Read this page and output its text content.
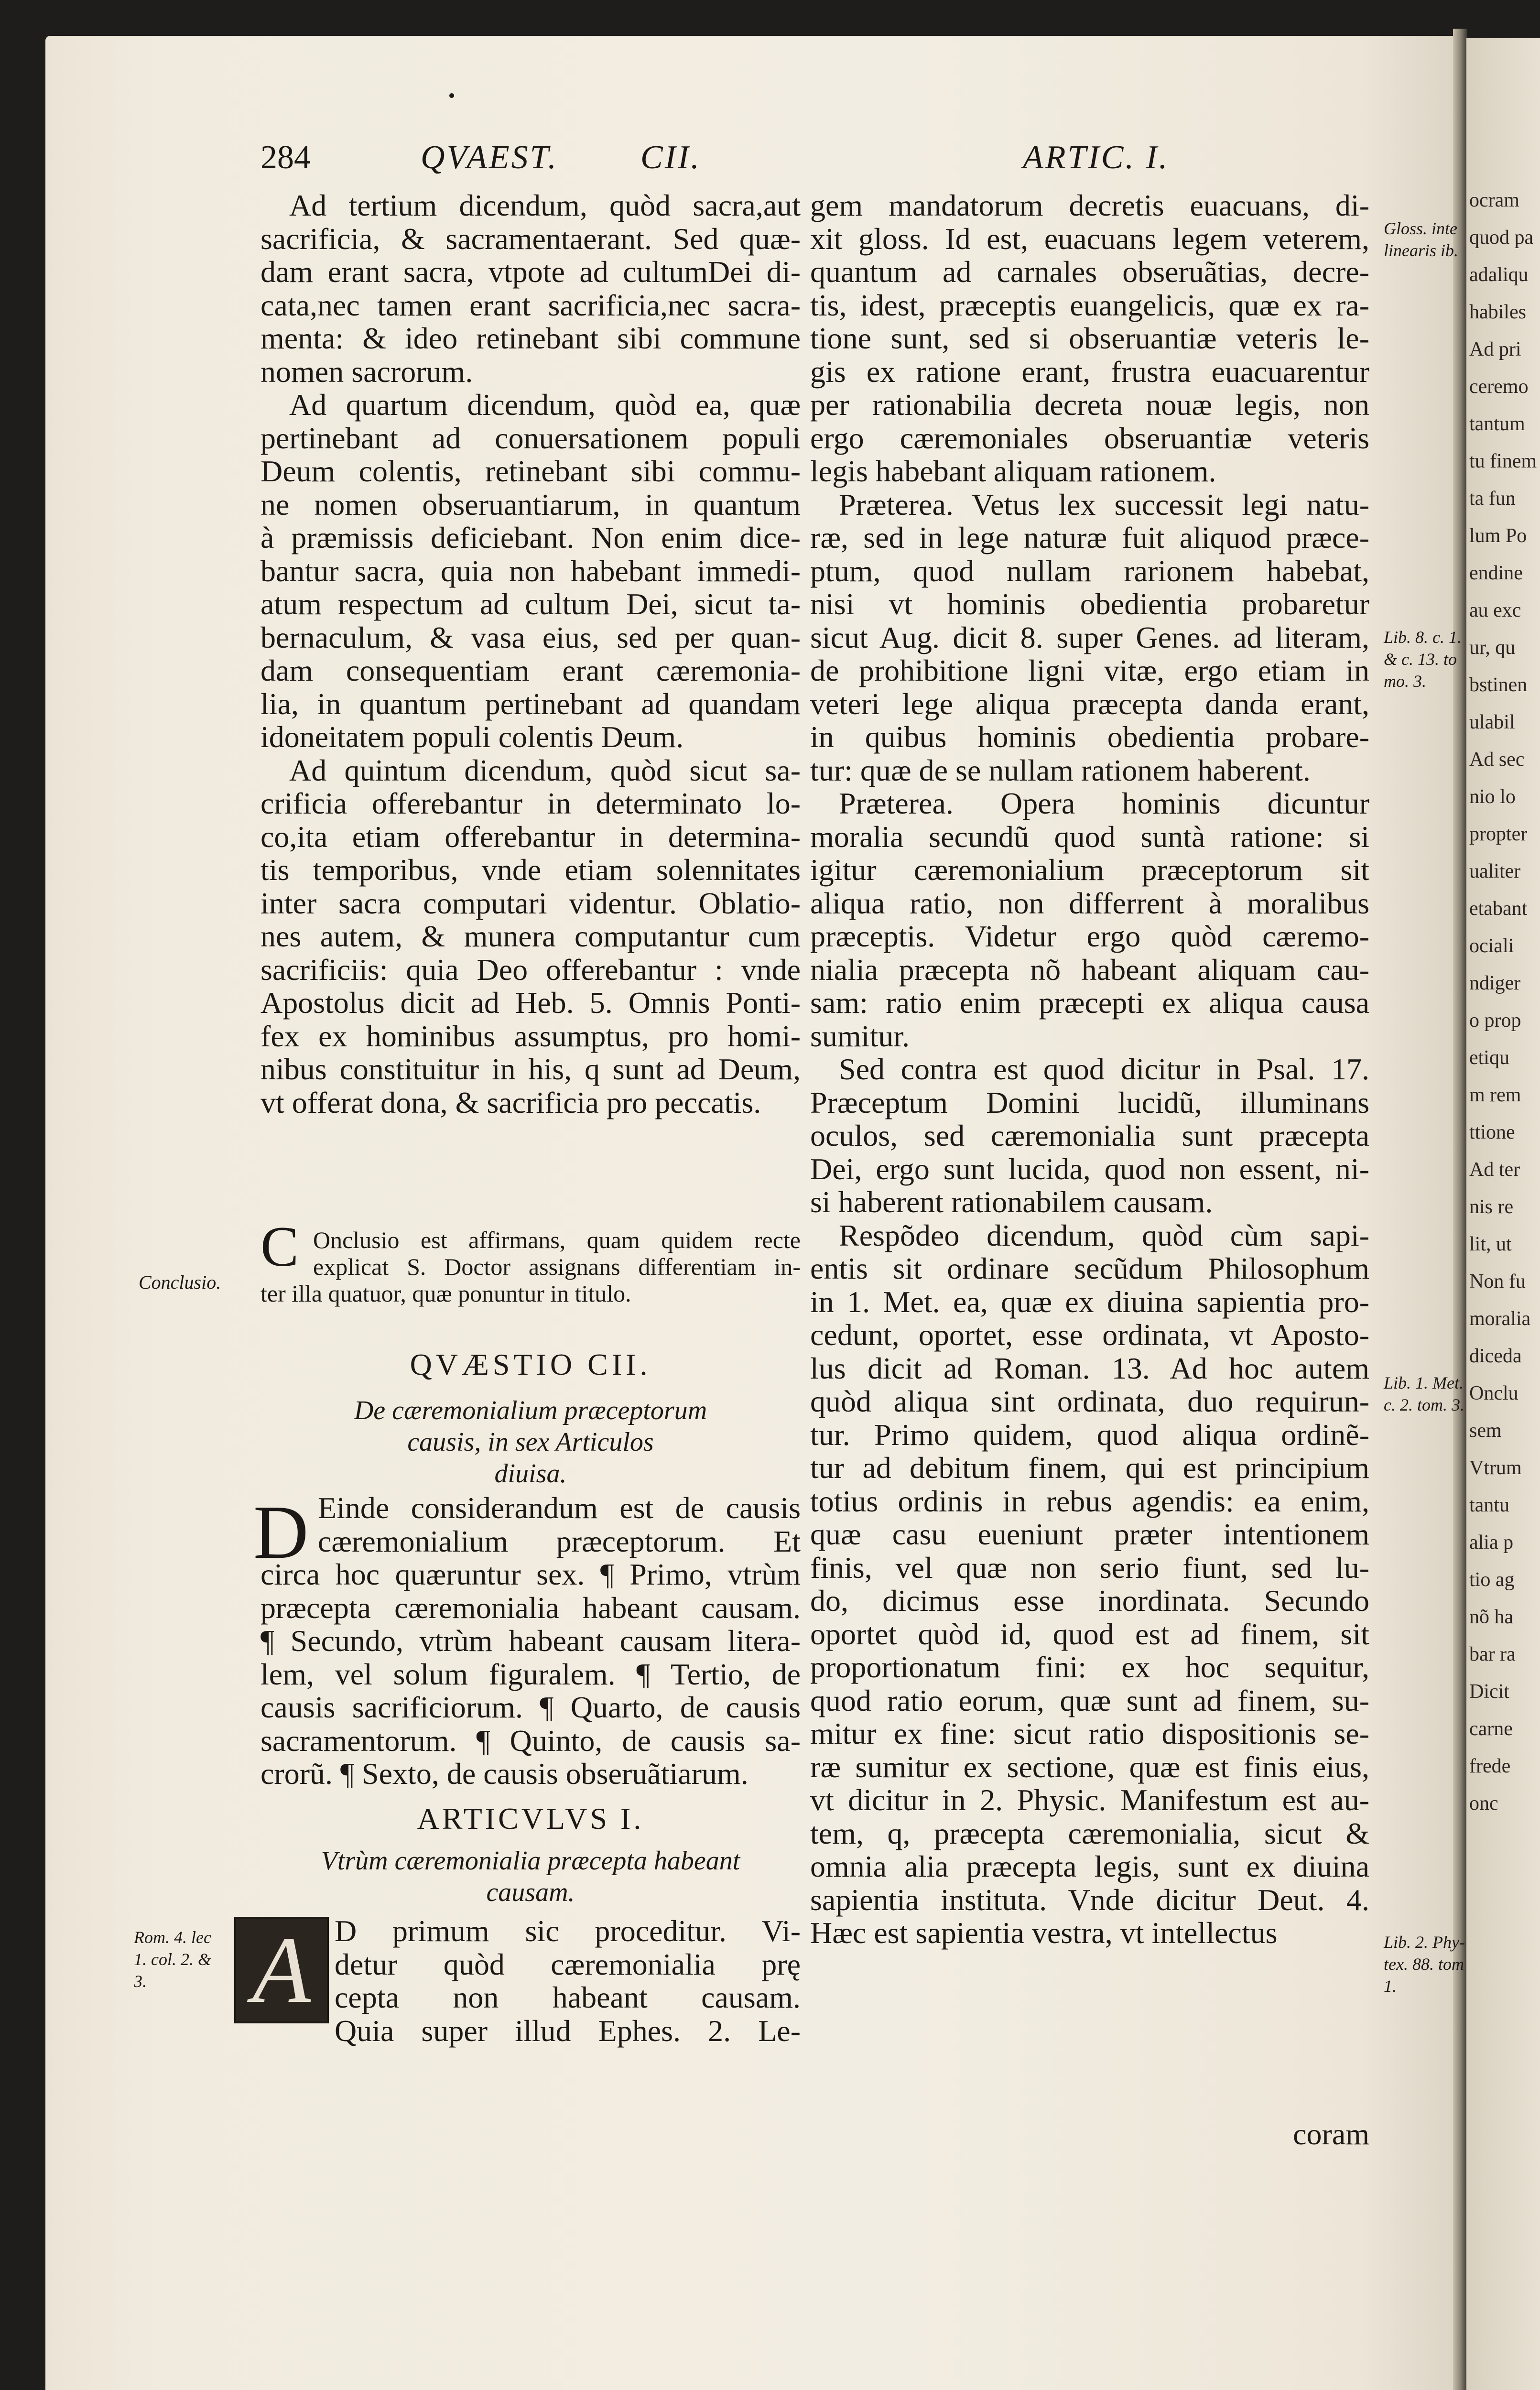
ocram
quod pa
adaliqu
habiles
Ad pri
ceremo
tantum
tu finem
ta fun
lum Po
endine
au exc
ur, qu
bstinen
ulabil
Ad sec
nio lo
propter
ualiter
etabant
ociali
ndiger
o prop
etiqu
m rem
ttione
Ad ter
nis re
lit, ut
Non fu
moralia
diceda
Onclu
sem
Vtrum
tantu
alia p
tio ag
nõ ha
bar ra
Dicit
carne
frede
onc
284	QVAEST. CII.	ARTIC. I.
Ad tertium dicendum, quòd sacra,aut
sacrificia, & sacramentaerant. Sed quæ-
dam erant sacra, vtpote ad cultumDei di-
cata,nec tamen erant sacrificia,nec sacra-
menta: & ideo retinebant sibi commune
nomen sacrorum.
Ad quartum dicendum, quòd ea, quæ
pertinebant ad conuersationem populi
Deum colentis, retinebant sibi commu-
ne nomen obseruantiarum, in quantum
à præmissis deficiebant. Non enim dice-
bantur sacra, quia non habebant immedi-
atum respectum ad cultum Dei, sicut ta-
bernaculum, & vasa eius, sed per quan-
dam consequentiam erant cæremonia-
lia, in quantum pertinebant ad quandam
idoneitatem populi colentis Deum.
Ad quintum dicendum, quòd sicut sa-
crificia offerebantur in determinato lo-
co,ita etiam offerebantur in determina-
tis temporibus, vnde etiam solennitates
inter sacra computari videntur. Oblatio-
nes autem, & munera computantur cum
sacrificiis: quia Deo offerebantur : vnde
Apostolus dicit ad Heb. 5. Omnis Ponti-
fex ex hominibus assumptus, pro homi-
nibus constituitur in his, q sunt ad Deum,
vt offerat dona, & sacrificia pro peccatis.
C Onclusio est affirmans, quam quidem recte
explicat S. Doctor assignans differentiam in-
ter illa quatuor, quæ ponuntur in titulo.
Conclusio.
QVÆSTIO CII.
De cæremonialium præceptorum
causis, in sex Articulos
diuisa.
D Einde considerandum est de causis
cæremonialium præceptorum. Et
circa hoc quæruntur sex. ¶ Primo, vtrùm
præcepta cæremonialia habeant causam.
¶ Secundo, vtrùm habeant causam litera-
lem, vel solum figuralem. ¶ Tertio, de
causis sacrificiorum. ¶ Quarto, de causis
sacramentorum. ¶ Quinto, de causis sa-
crorũ. ¶ Sexto, de causis obseruãtiarum.
ARTICVLVS I.
Vtrùm cæremonialia præcepta habeant
causam.
A D primum sic proceditur. Vi-
detur quòd cæremonialia prę
cepta non habeant causam.
Quia super illud Ephes. 2. Le-
Rom. 4. lec
1. col. 2. &
3.
gem mandatorum decretis euacuans, di-
xit gloss. Id est, euacuans legem veterem,
quantum ad carnales obseruãtias, decre-
tis, idest, præceptis euangelicis, quæ ex ra-
tione sunt, sed si obseruantiæ veteris le-
gis ex ratione erant, frustra euacuarentur
per rationabilia decreta nouæ legis, non
ergo cæremoniales obseruantiæ veteris
legis habebant aliquam rationem.
Præterea. Vetus lex successit legi natu-
ræ, sed in lege naturæ fuit aliquod præce-
ptum, quod nullam rarionem habebat,
nisi vt hominis obedientia probaretur
sicut Aug. dicit 8. super Genes. ad literam,
de prohibitione ligni vitæ, ergo etiam in
veteri lege aliqua præcepta danda erant,
in quibus hominis obedientia probare-
tur: quæ de se nullam rationem haberent.
Præterea. Opera hominis dicuntur
moralia secundũ quod suntà ratione: si
igitur cæremonialium præceptorum sit
aliqua ratio, non differrent à moralibus
præceptis. Videtur ergo quòd cæremo-
nialia præcepta nõ habeant aliquam cau-
sam: ratio enim præcepti ex aliqua causa
sumitur.
Sed contra est quod dicitur in Psal. 17.
Præceptum Domini lucidũ, illuminans
oculos, sed cæremonialia sunt præcepta
Dei, ergo sunt lucida, quod non essent, ni-
si haberent rationabilem causam.
Respõdeo dicendum, quòd cùm sapi-
entis sit ordinare secũdum Philosophum
in 1. Met. ea, quæ ex diuina sapientia pro-
cedunt, oportet, esse ordinata, vt Aposto-
lus dicit ad Roman. 13. Ad hoc autem
quòd aliqua sint ordinata, duo requirun-
tur. Primo quidem, quod aliqua ordinẽ-
tur ad debitum finem, qui est principium
totius ordinis in rebus agendis: ea enim,
quæ casu eueniunt præter intentionem
finis, vel quæ non serio fiunt, sed lu-
do, dicimus esse inordinata. Secundo
oportet quòd id, quod est ad finem, sit
proportionatum fini: ex hoc sequitur,
quod ratio eorum, quæ sunt ad finem, su-
mitur ex fine: sicut ratio dispositionis se-
ræ sumitur ex sectione, quæ est finis eius,
vt dicitur in 2. Physic. Manifestum est au-
tem, q, præcepta cæremonialia, sicut &
omnia alia præcepta legis, sunt ex diuina
sapientia instituta. Vnde dicitur Deut. 4.
Hæc est sapientia vestra, vt intellectus
coram
Gloss. inte
linearis ib.
Lib. 8. c. 1.
& c. 13. to
mo. 3.
Lib. 1. Met.
c. 2. tom. 3.
Lib. 2. Phy-
tex. 88. tom
1.
